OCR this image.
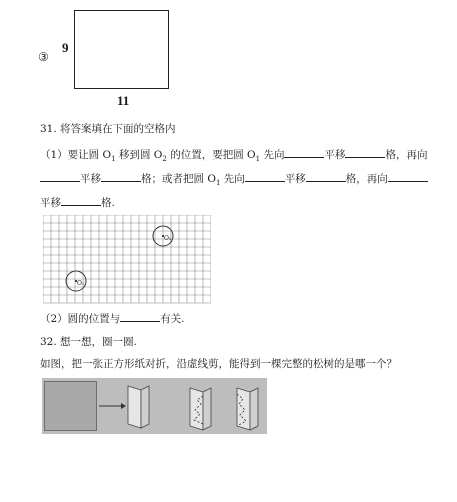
③
9
11
31. 将答案填在下面的空格内
（1）要让圆 $O_1$ 移到圆 $O_2$ 的位置，要把圆 $O_1$ 先向	平移	格，再向
平移	格；或者把圆 $O_1$ 先向	平移	格，再向
平移	格.
O₁
O₂
（2）圆的位置与	有关.
32. 想一想，圈一圈.
如图，把一张正方形纸对折，沿虚线剪，能得到一棵完整的松树的是哪一个？
